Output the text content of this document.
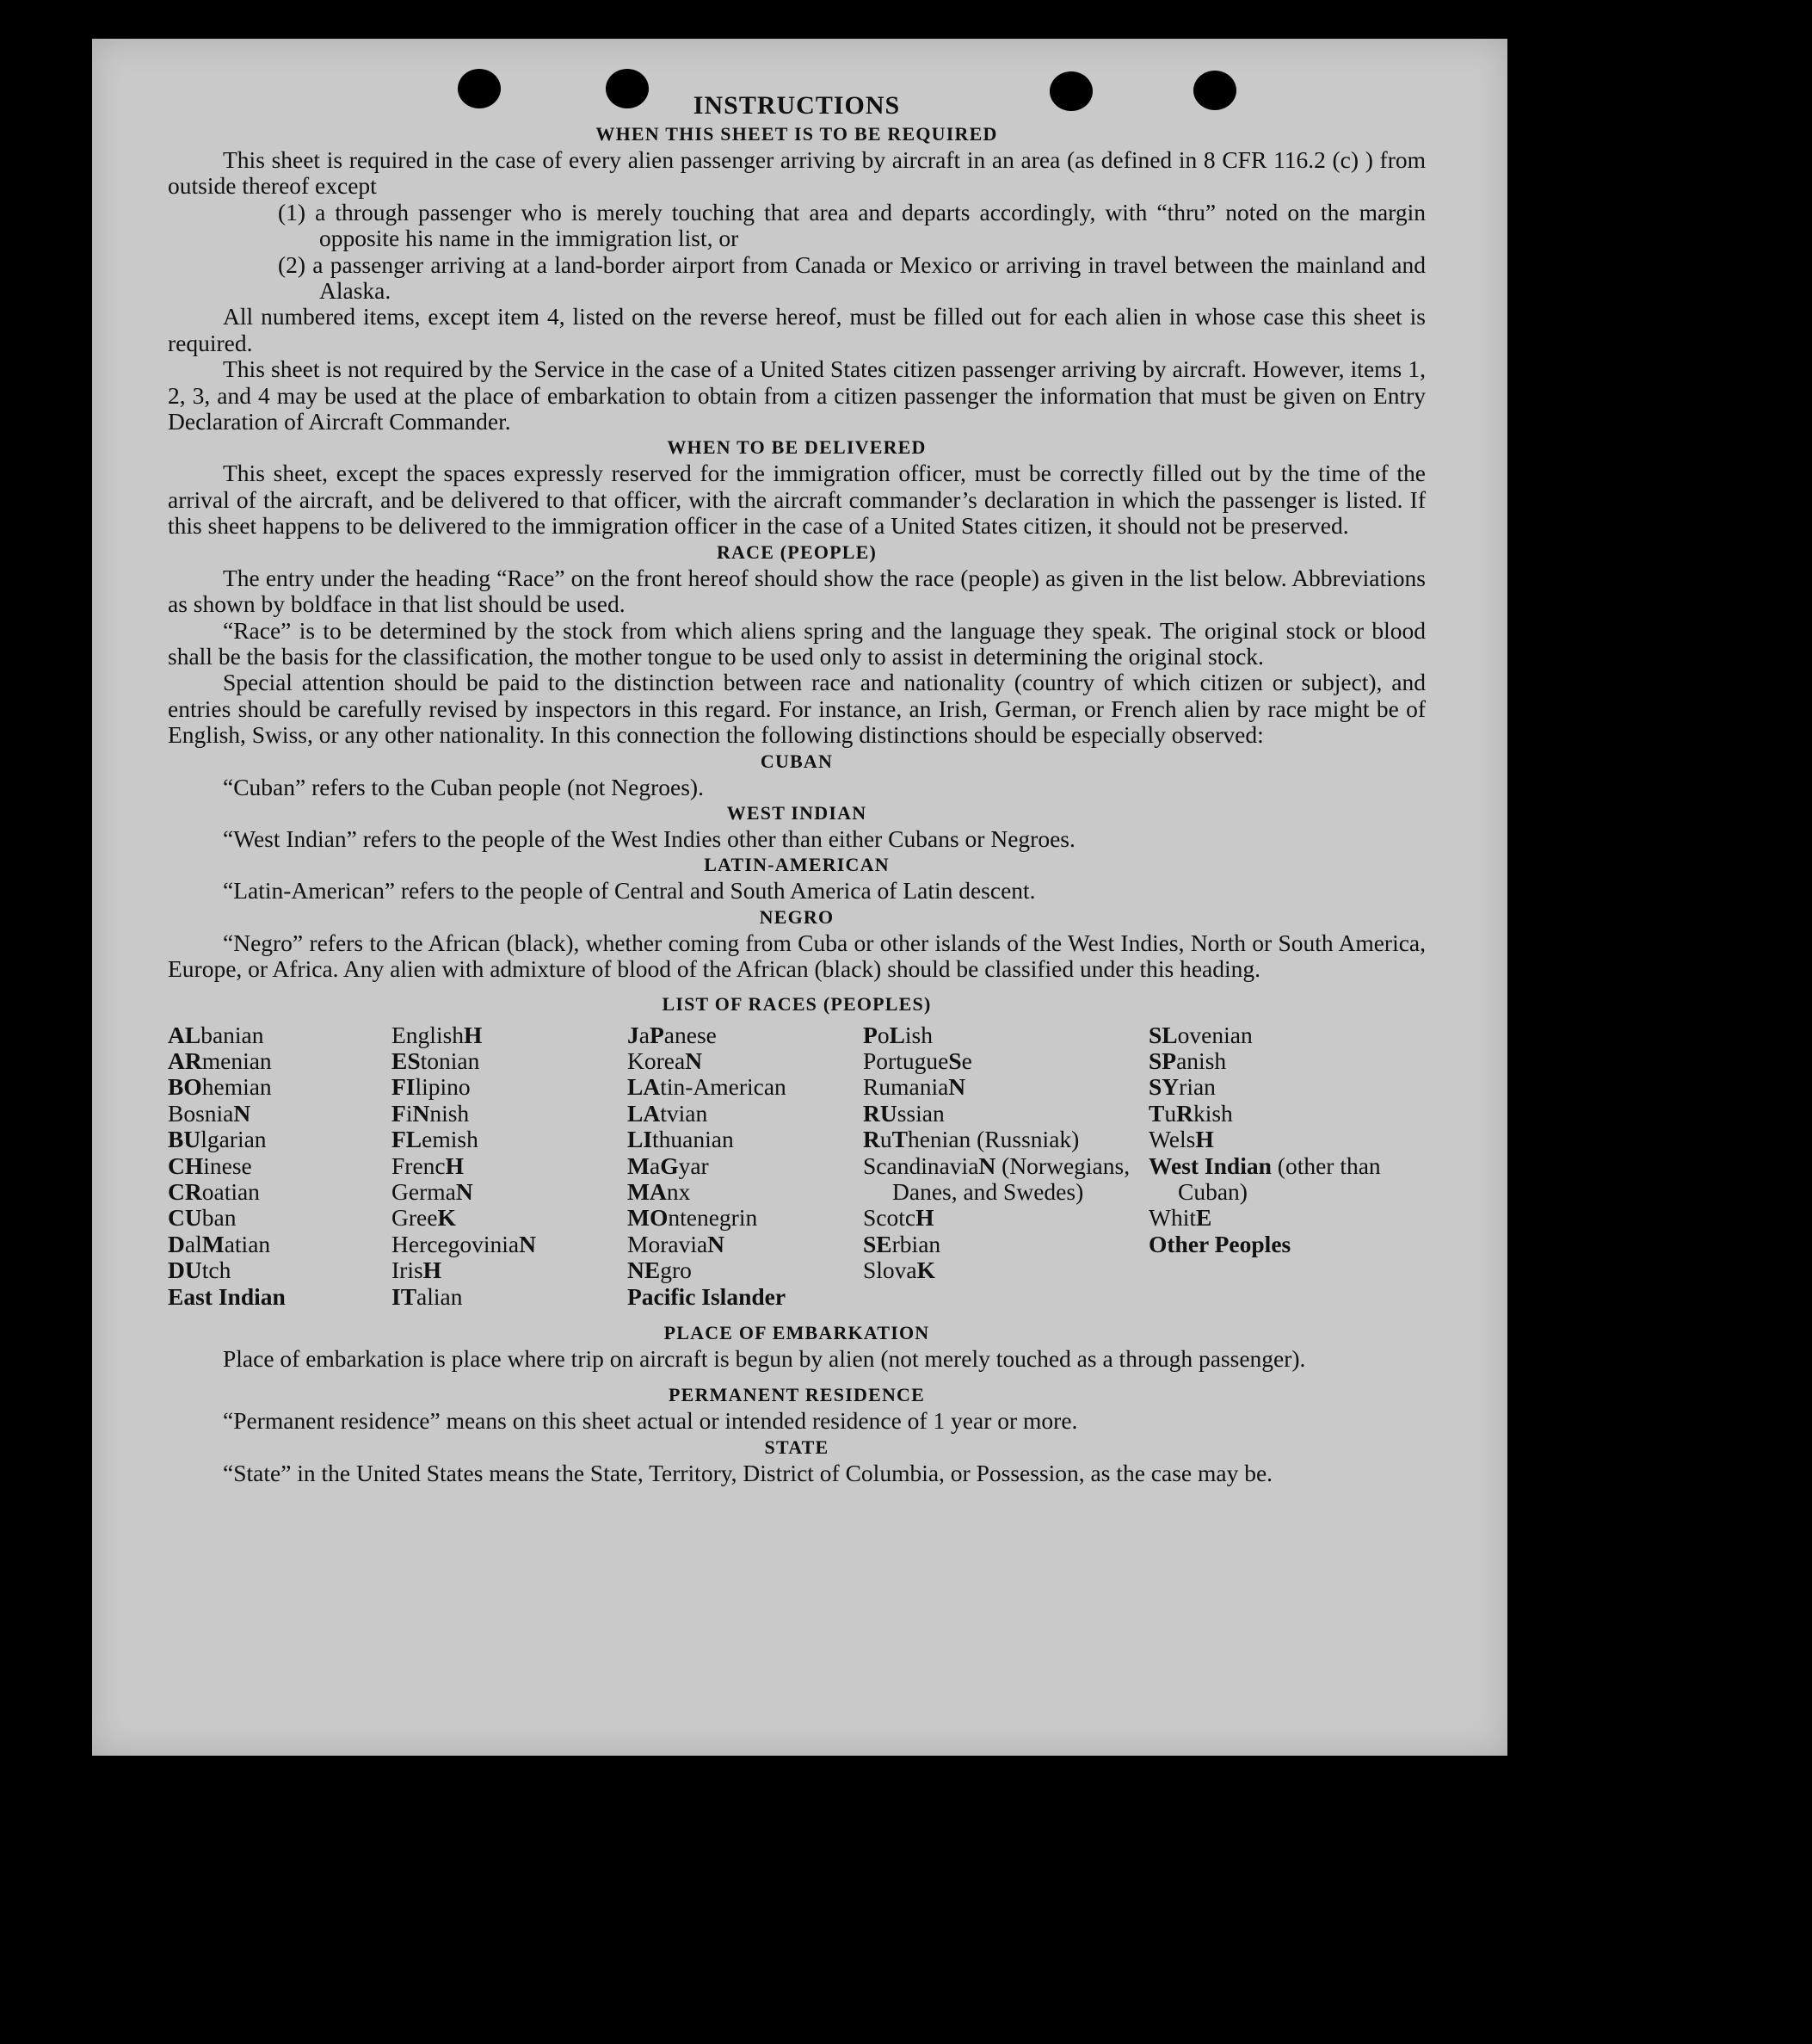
INSTRUCTIONS
WHEN THIS SHEET IS TO BE REQUIRED

This sheet is required in the case of every alien passenger arriving by aircraft in an area (as defined in 8 CFR 116.2 (c) ) from outside thereof except

(1) a through passenger who is merely touching that area and departs accordingly, with “thru” noted on the margin opposite his name in the immigration list, or

(2) a passenger arriving at a land-border airport from Canada or Mexico or arriving in travel between the mainland and Alaska.

All numbered items, except item 4, listed on the reverse hereof, must be filled out for each alien in whose case this sheet is required.

This sheet is not required by the Service in the case of a United States citizen passenger arriving by aircraft. However, items 1, 2, 3, and 4 may be used at the place of embarkation to obtain from a citizen passenger the information that must be given on Entry Declaration of Aircraft Commander.

WHEN TO BE DELIVERED

This sheet, except the spaces expressly reserved for the immigration officer, must be correctly filled out by the time of the arrival of the aircraft, and be delivered to that officer, with the aircraft commander’s declaration in which the passenger is listed. If this sheet happens to be delivered to the immigration officer in the case of a United States citizen, it should not be preserved.

RACE (PEOPLE)

The entry under the heading “Race” on the front hereof should show the race (people) as given in the list below. Abbreviations as shown by boldface in that list should be used.

“Race” is to be determined by the stock from which aliens spring and the language they speak. The original stock or blood shall be the basis for the classification, the mother tongue to be used only to assist in determining the original stock.

Special attention should be paid to the distinction between race and nationality (country of which citizen or subject), and entries should be carefully revised by inspectors in this regard. For instance, an Irish, German, or French alien by race might be of English, Swiss, or any other nationality. In this connection the following distinctions should be especially observed:

CUBAN

“Cuban” refers to the Cuban people (not Negroes).

WEST INDIAN

“West Indian” refers to the people of the West Indies other than either Cubans or Negroes.

LATIN-AMERICAN

“Latin-American” refers to the people of Central and South America of Latin descent.

NEGRO

“Negro” refers to the African (black), whether coming from Cuba or other islands of the West Indies, North or South America, Europe, or Africa. Any alien with admixture of blood of the African (black) should be classified under this heading.

LIST OF RACES (PEOPLES)
ALbanian
ARmenian
BOhemian
BosniaN
BUlgarian
CHinese
CRoatian
CUban
DalMatian
DUtch
East Indian
EnglishH
EStonian
FIlipino
FiNnish
FLemish
FrencH
GermaN
GreeK
HercegoviniaN
IrisH
ITalian
JaPanese
KoreaN
LAtin-American
LAtvian
LIthuanian
MaGyar
MAnx
MOntenegrin
MoraviaN
NEgro
Pacific Islander
PoLish
PortugueSe
RumaniaN
RUssian
RuThenian (Russniak)
ScandinaviaN (Norwegians, Danes, and Swedes)
ScotcH
SErbian
SlovaK
SLovenian
SPanish
SYrian
TuRkish
WelsH
West Indian (other than Cuban)
WhitE
Other Peoples
PLACE OF EMBARKATION

Place of embarkation is place where trip on aircraft is begun by alien (not merely touched as a through passenger).

PERMANENT RESIDENCE

“Permanent residence” means on this sheet actual or intended residence of 1 year or more.

STATE

“State” in the United States means the State, Territory, District of Columbia, or Possession, as the case may be.
